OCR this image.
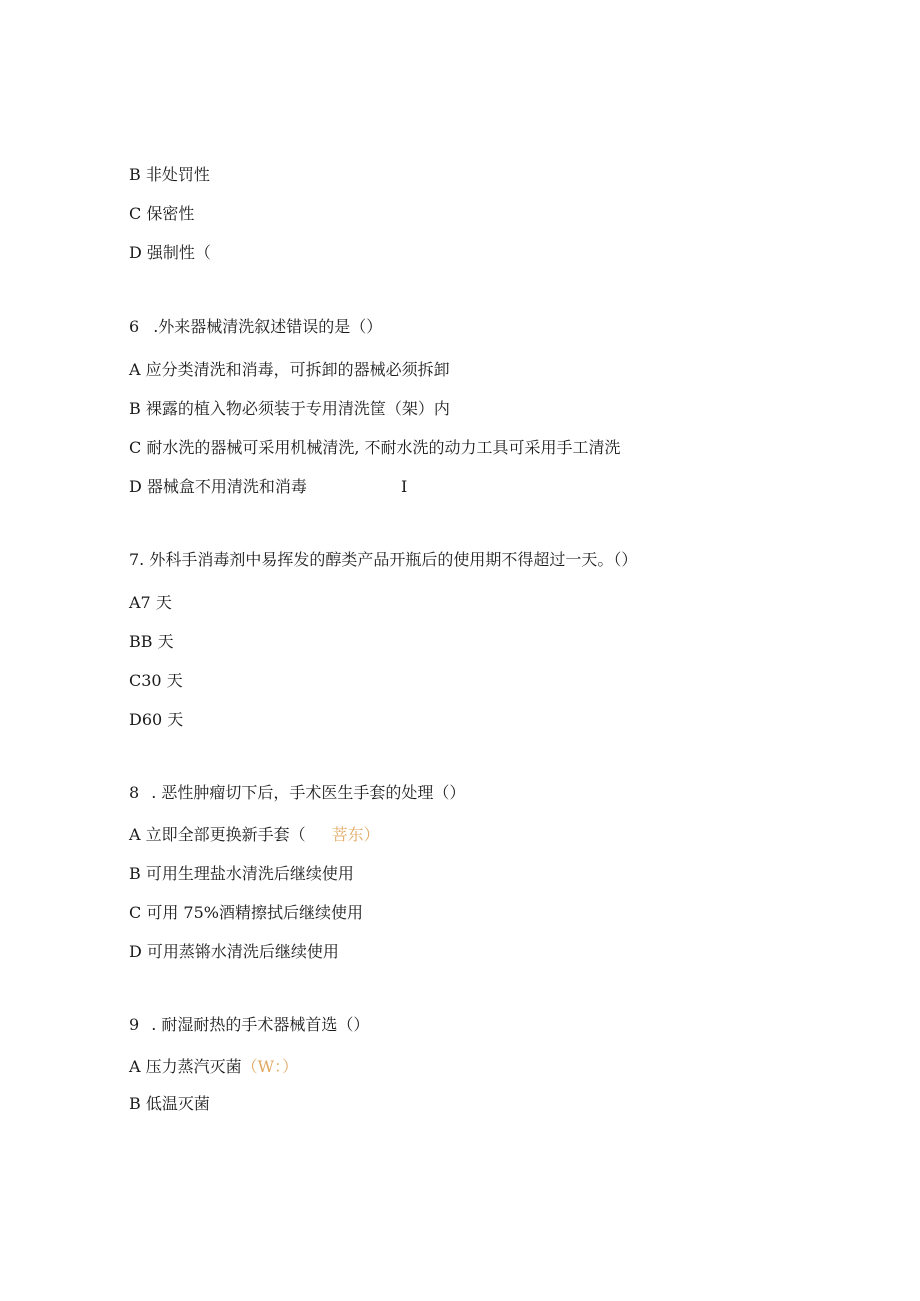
B 非处罚性
C 保密性
D 强制性（
6 .外来器械清洗叙述错误的是（）
A 应分类清洗和消毒，可拆卸的器械必须拆卸
B 裸露的植入物必须装于专用清洗筐（架）内
C 耐水洗的器械可采用机械清洗, 不耐水洗的动力工具可采用手工清洗
D 器械盒不用清洗和消毒	I
7. 外科手消毒剂中易挥发的醇类产品开瓶后的使用期不得超过一天。（）
A7 天
BB 天
C30 天
D60 天
8 . 恶性肿瘤切下后，手术医生手套的处理（）
A 立即全部更换新手套（ 菩东）
B 可用生理盐水清洗后继续使用
C 可用 75%酒精擦拭后继续使用
D 可用蒸锵水清洗后继续使用
9 . 耐湿耐热的手术器械首选（）
A 压力蒸汽灭菌（W：）
B 低温灭菌
